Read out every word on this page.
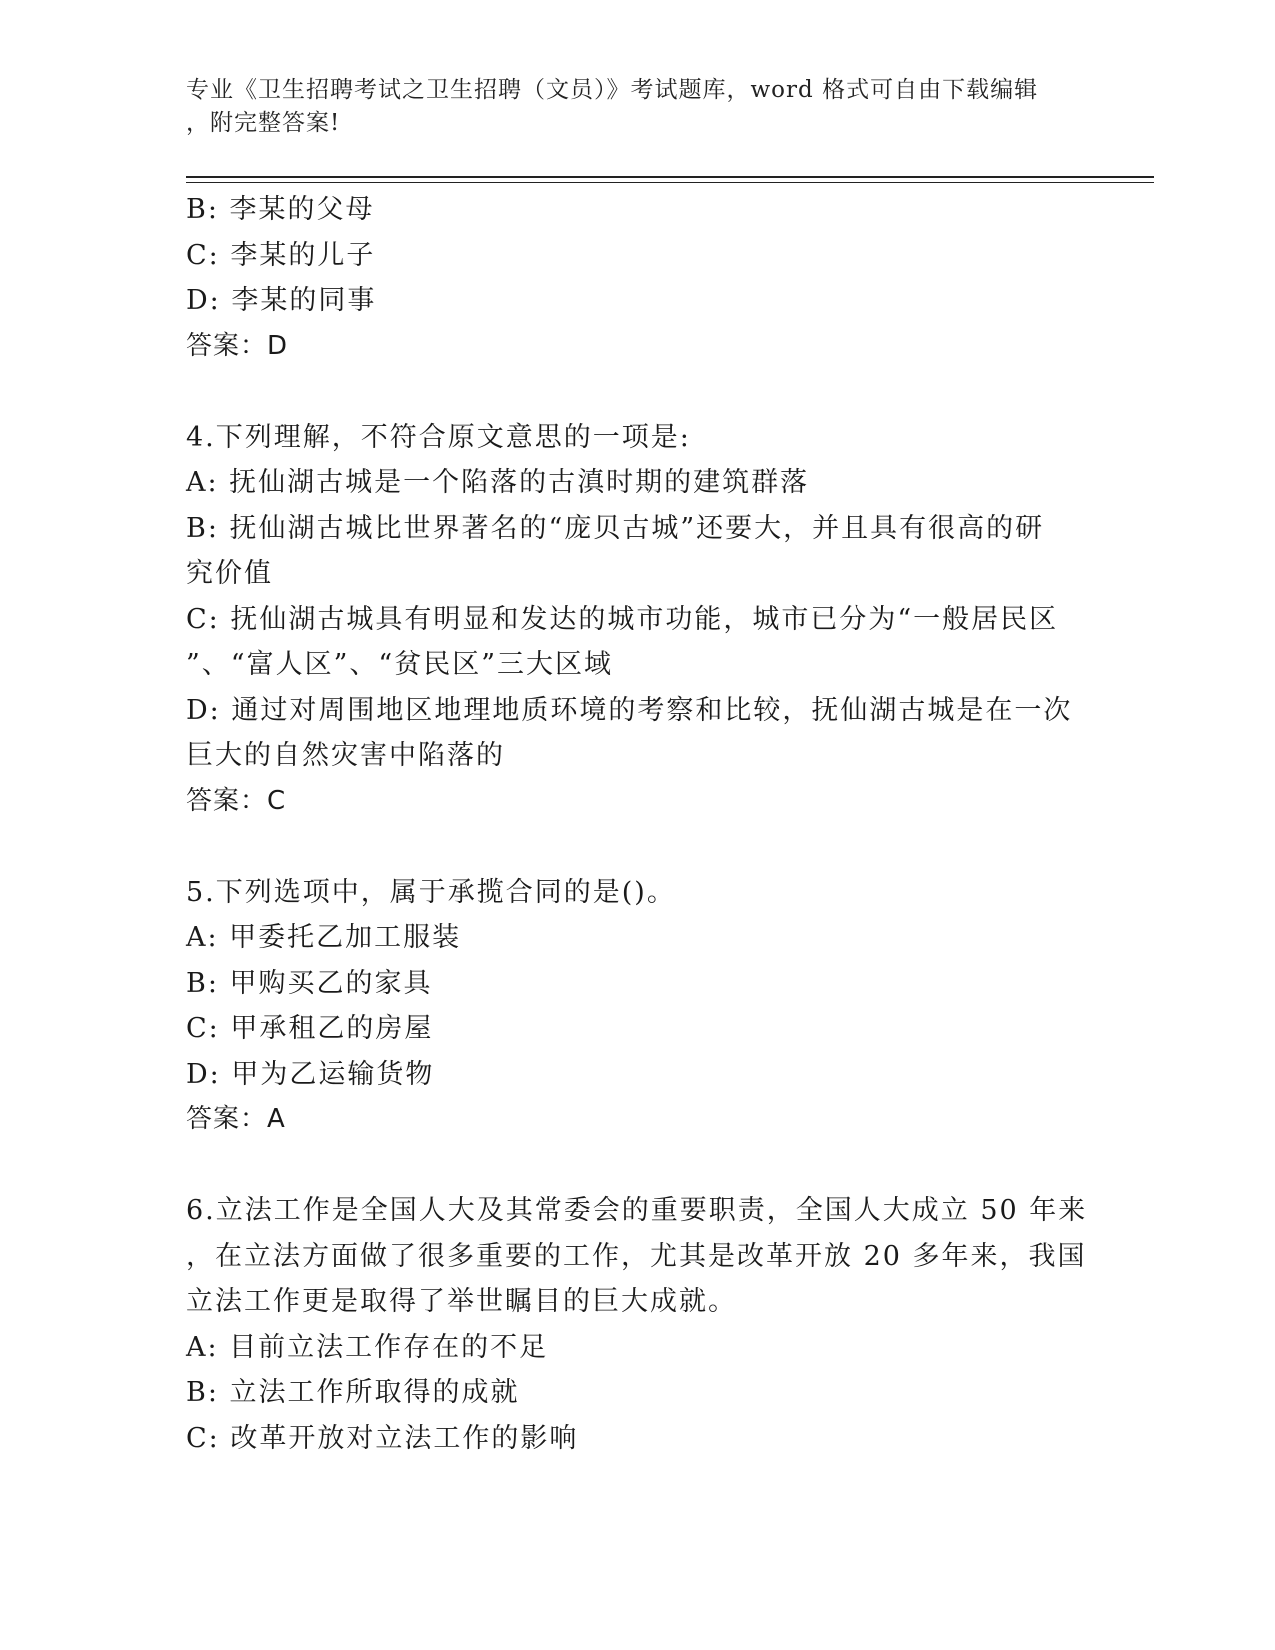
专业《卫生招聘考试之卫生招聘（文员）》考试题库，word 格式可自由下载编辑
，附完整答案!
B: 李某的父母
C: 李某的儿子
D: 李某的同事
答案：D
4.下列理解，不符合原文意思的一项是:
A: 抚仙湖古城是一个陷落的古滇时期的建筑群落
B: 抚仙湖古城比世界著名的“庞贝古城”还要大，并且具有很高的研
究价值
C: 抚仙湖古城具有明显和发达的城市功能，城市已分为“一般居民区
”、“富人区”、“贫民区”三大区域
D: 通过对周围地区地理地质环境的考察和比较，抚仙湖古城是在一次
巨大的自然灾害中陷落的
答案：C
5.下列选项中，属于承揽合同的是()。
A: 甲委托乙加工服装
B: 甲购买乙的家具
C: 甲承租乙的房屋
D: 甲为乙运输货物
答案：A
6.立法工作是全国人大及其常委会的重要职责，全国人大成立 50 年来
，在立法方面做了很多重要的工作，尤其是改革开放 20 多年来，我国
立法工作更是取得了举世瞩目的巨大成就。
A: 目前立法工作存在的不足
B: 立法工作所取得的成就
C: 改革开放对立法工作的影响
